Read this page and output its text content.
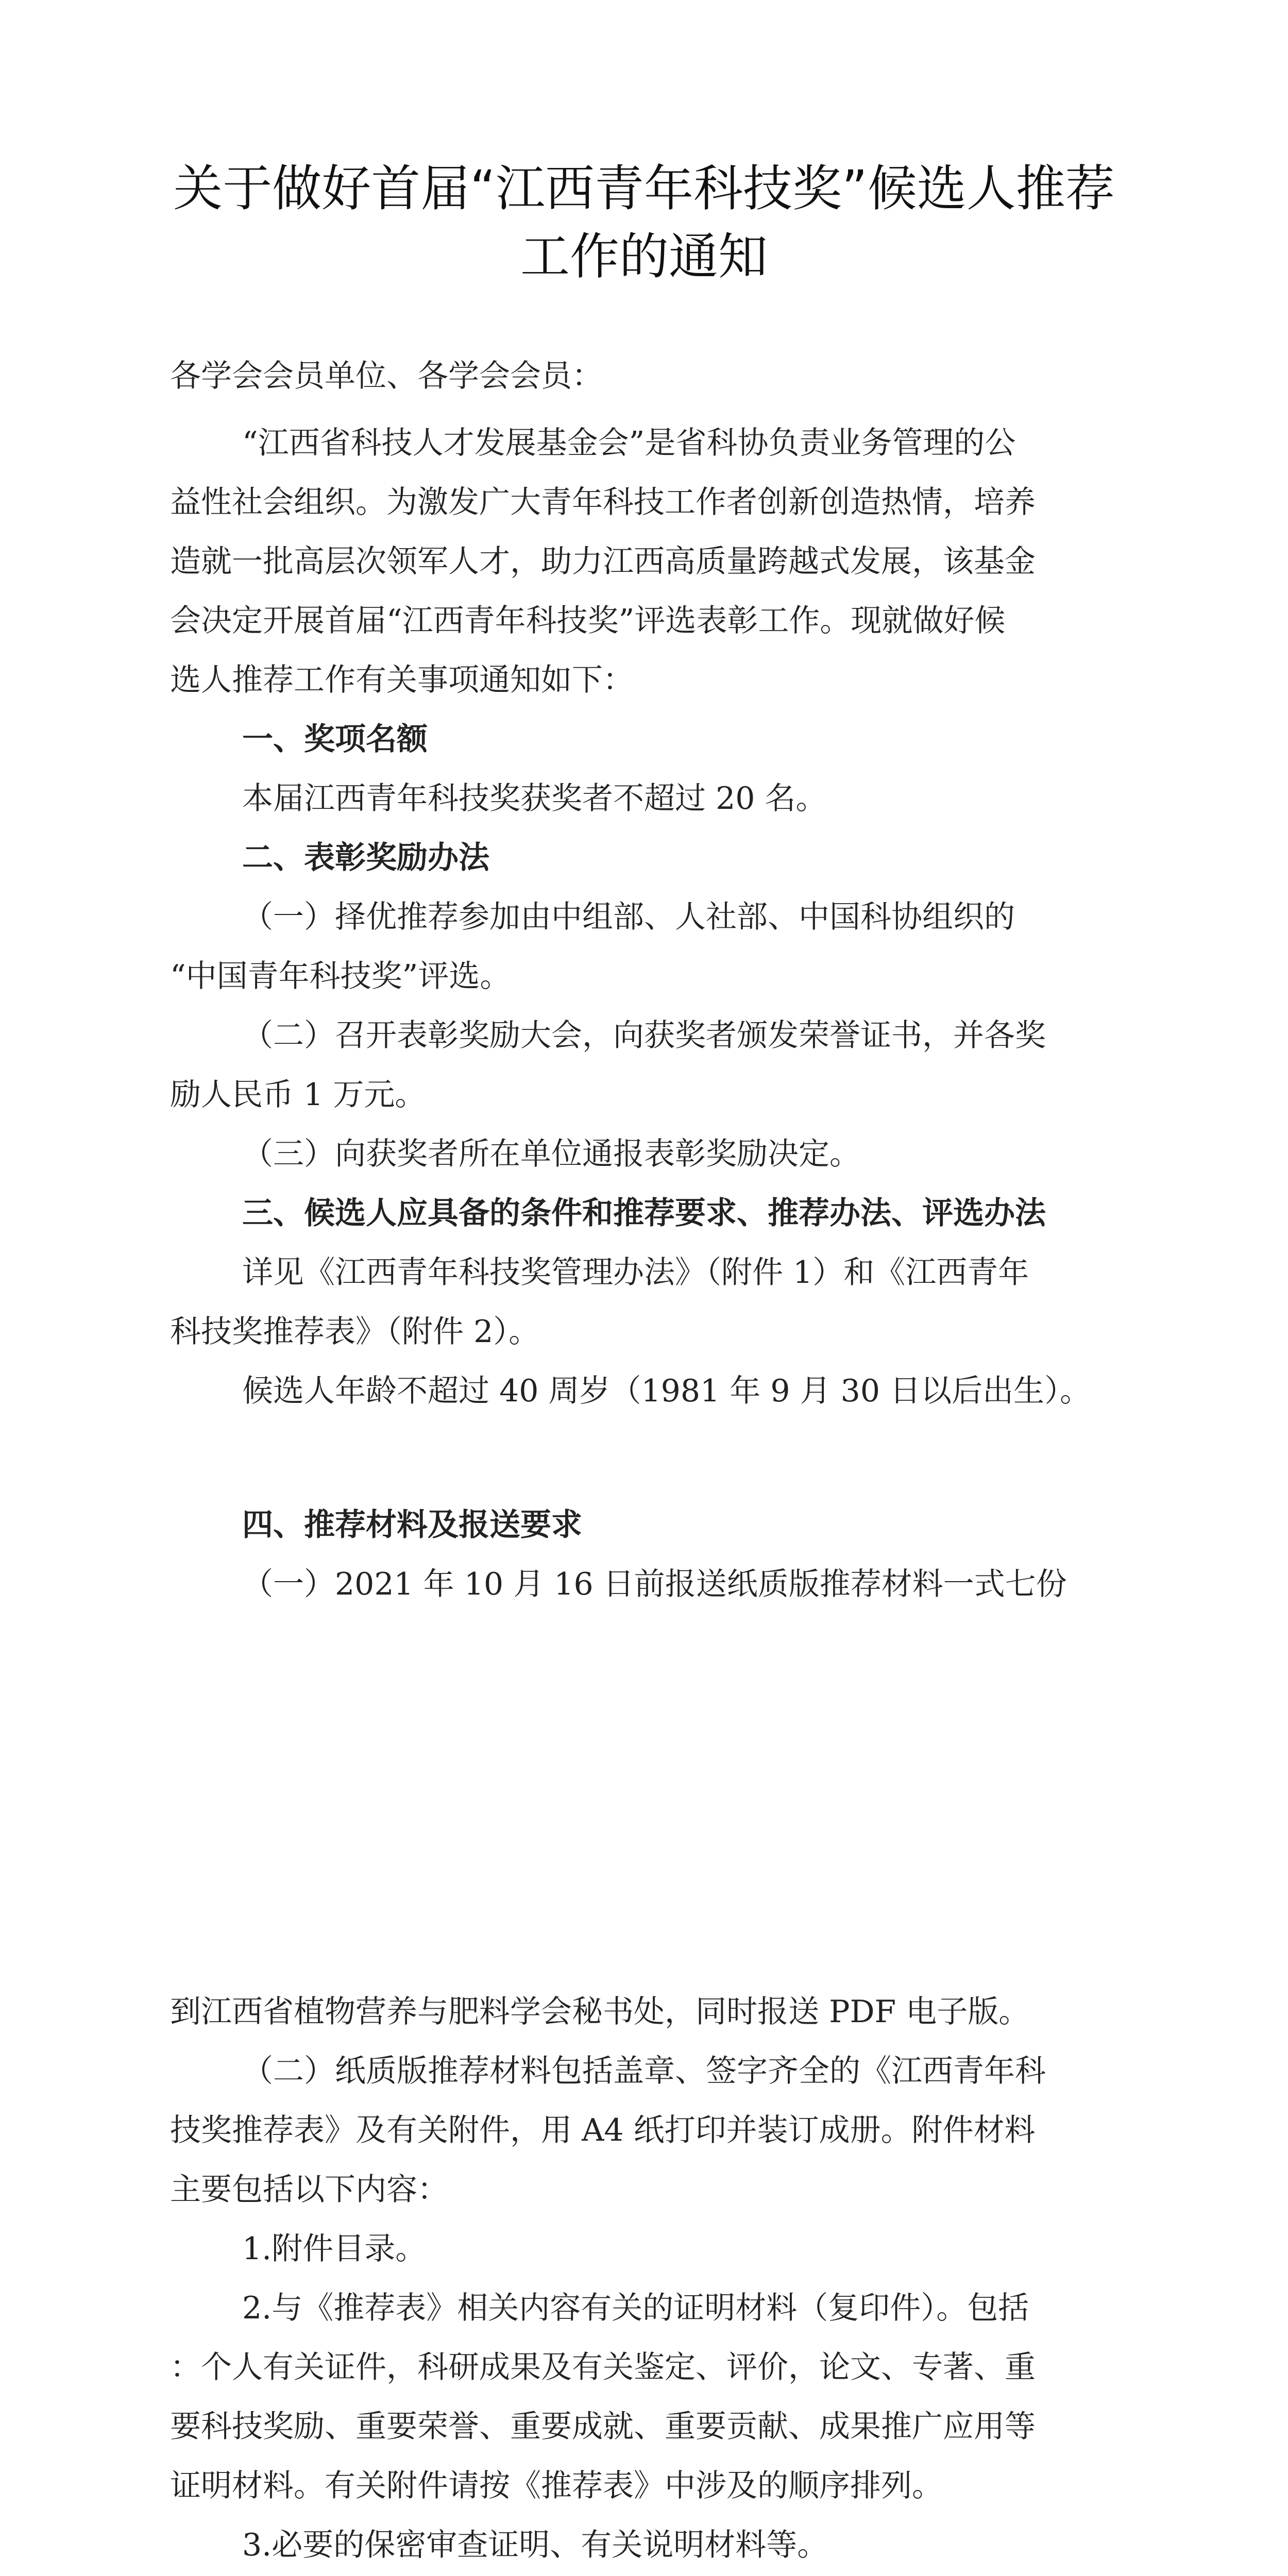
关于做好首届“江西青年科技奖”候选人推荐
工作的通知
各学会会员单位、各学会会员：
“江西省科技人才发展基金会”是省科协负责业务管理的公
益性社会组织。为激发广大青年科技工作者创新创造热情，培养
造就一批高层次领军人才，助力江西高质量跨越式发展，该基金
会决定开展首届“江西青年科技奖”评选表彰工作。现就做好候
选人推荐工作有关事项通知如下：
一、奖项名额
本届江西青年科技奖获奖者不超过 20 名。
二、表彰奖励办法
（一）择优推荐参加由中组部、人社部、中国科协组织的
“中国青年科技奖”评选。
（二）召开表彰奖励大会，向获奖者颁发荣誉证书，并各奖
励人民币 1 万元。
（三）向获奖者所在单位通报表彰奖励决定。
三、候选人应具备的条件和推荐要求、推荐办法、评选办法
详见《江西青年科技奖管理办法》（附件 1）和《江西青年
科技奖推荐表》（附件 2）。
候选人年龄不超过 40 周岁（1981 年 9 月 30 日以后出生）。
四、推荐材料及报送要求
（一）2021 年 10 月 16 日前报送纸质版推荐材料一式七份
到江西省植物营养与肥料学会秘书处，同时报送 PDF 电子版。
（二）纸质版推荐材料包括盖章、签字齐全的《江西青年科
技奖推荐表》及有关附件，用 A4 纸打印并装订成册。附件材料
主要包括以下内容：
1.附件目录。
2.与《推荐表》相关内容有关的证明材料（复印件）。包括
：个人有关证件，科研成果及有关鉴定、评价，论文、专著、重
要科技奖励、重要荣誉、重要成就、重要贡献、成果推广应用等
证明材料。有关附件请按《推荐表》中涉及的顺序排列。
3.必要的保密审查证明、有关说明材料等。
